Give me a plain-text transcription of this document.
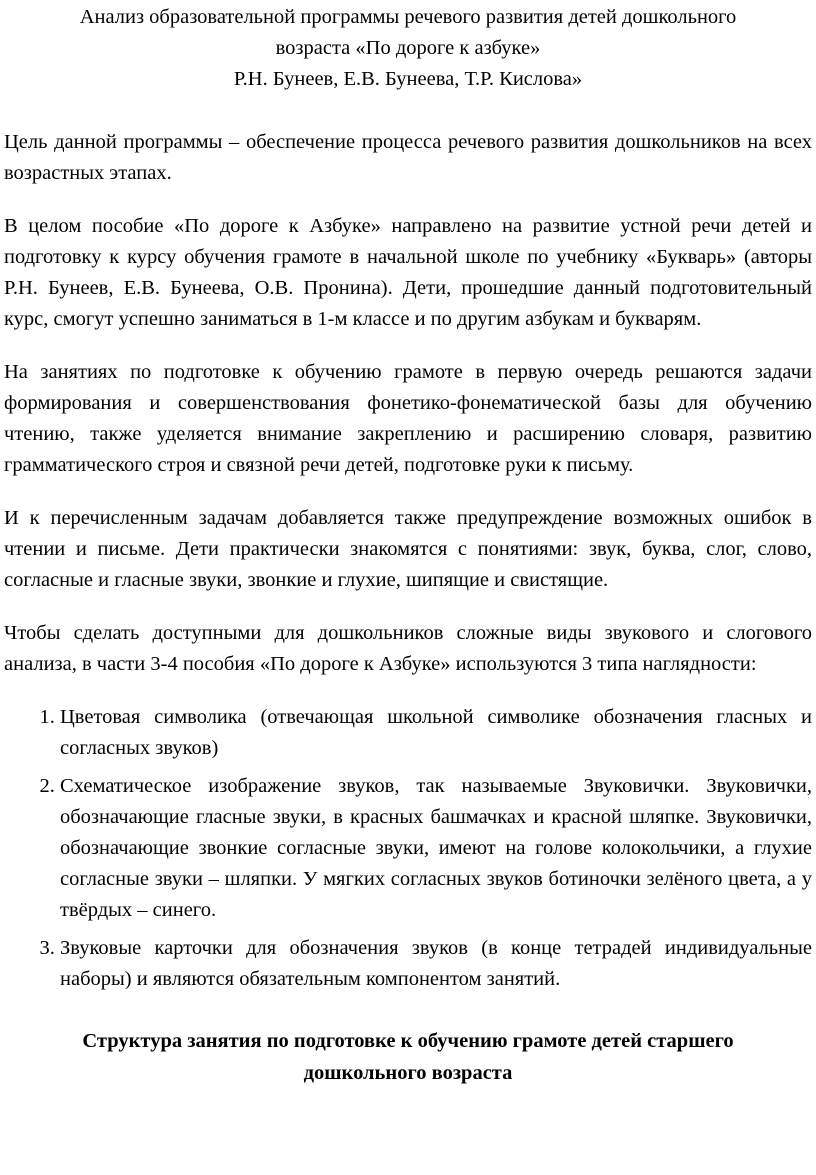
Анализ образовательной программы речевого развития детей дошкольного
возраста «По дороге к азбуке»
Р.Н. Бунеев, Е.В. Бунеева, Т.Р. Кислова»

Цель данной программы – обеспечение процесса речевого развития дошкольников на всех возрастных этапах.

В целом пособие «По дороге к Азбуке» направлено на развитие устной речи детей и подготовку к курсу обучения грамоте в начальной школе по учебнику «Букварь» (авторы Р.Н. Бунеев, Е.В. Бунеева, О.В. Пронина). Дети, прошедшие данный подготовительный курс, смогут успешно заниматься в 1-м классе и по другим азбукам и букварям.

На занятиях по подготовке к обучению грамоте в первую очередь решаются задачи формирования и совершенствования фонетико-фонематической базы для обучению чтению, также уделяется внимание закреплению и расширению словаря, развитию грамматического строя и связной речи детей, подготовке руки к письму.

И к перечисленным задачам добавляется также предупреждение возможных ошибок в чтении и письме. Дети практически знакомятся с понятиями: звук, буква, слог, слово, согласные и гласные звуки, звонкие и глухие, шипящие и свистящие.

Чтобы сделать доступными для дошкольников сложные виды звукового и слогового анализа, в части 3-4 пособия «По дороге к Азбуке» используются 3 типа наглядности:

1. Цветовая символика (отвечающая школьной символике обозначения гласных и согласных звуков)
2. Схематическое изображение звуков, так называемые Звуковички. Звуковички, обозначающие гласные звуки, в красных башмачках и красной шляпке. Звуковички, обозначающие звонкие согласные звуки, имеют на голове колокольчики, а глухие согласные звуки – шляпки. У мягких согласных звуков ботиночки зелёного цвета, а у твёрдых – синего.
3. Звуковые карточки для обозначения звуков (в конце тетрадей индивидуальные наборы) и являются обязательным компонентом занятий.
Структура занятия по подготовке к обучению грамоте детей старшего
дошкольного возраста
